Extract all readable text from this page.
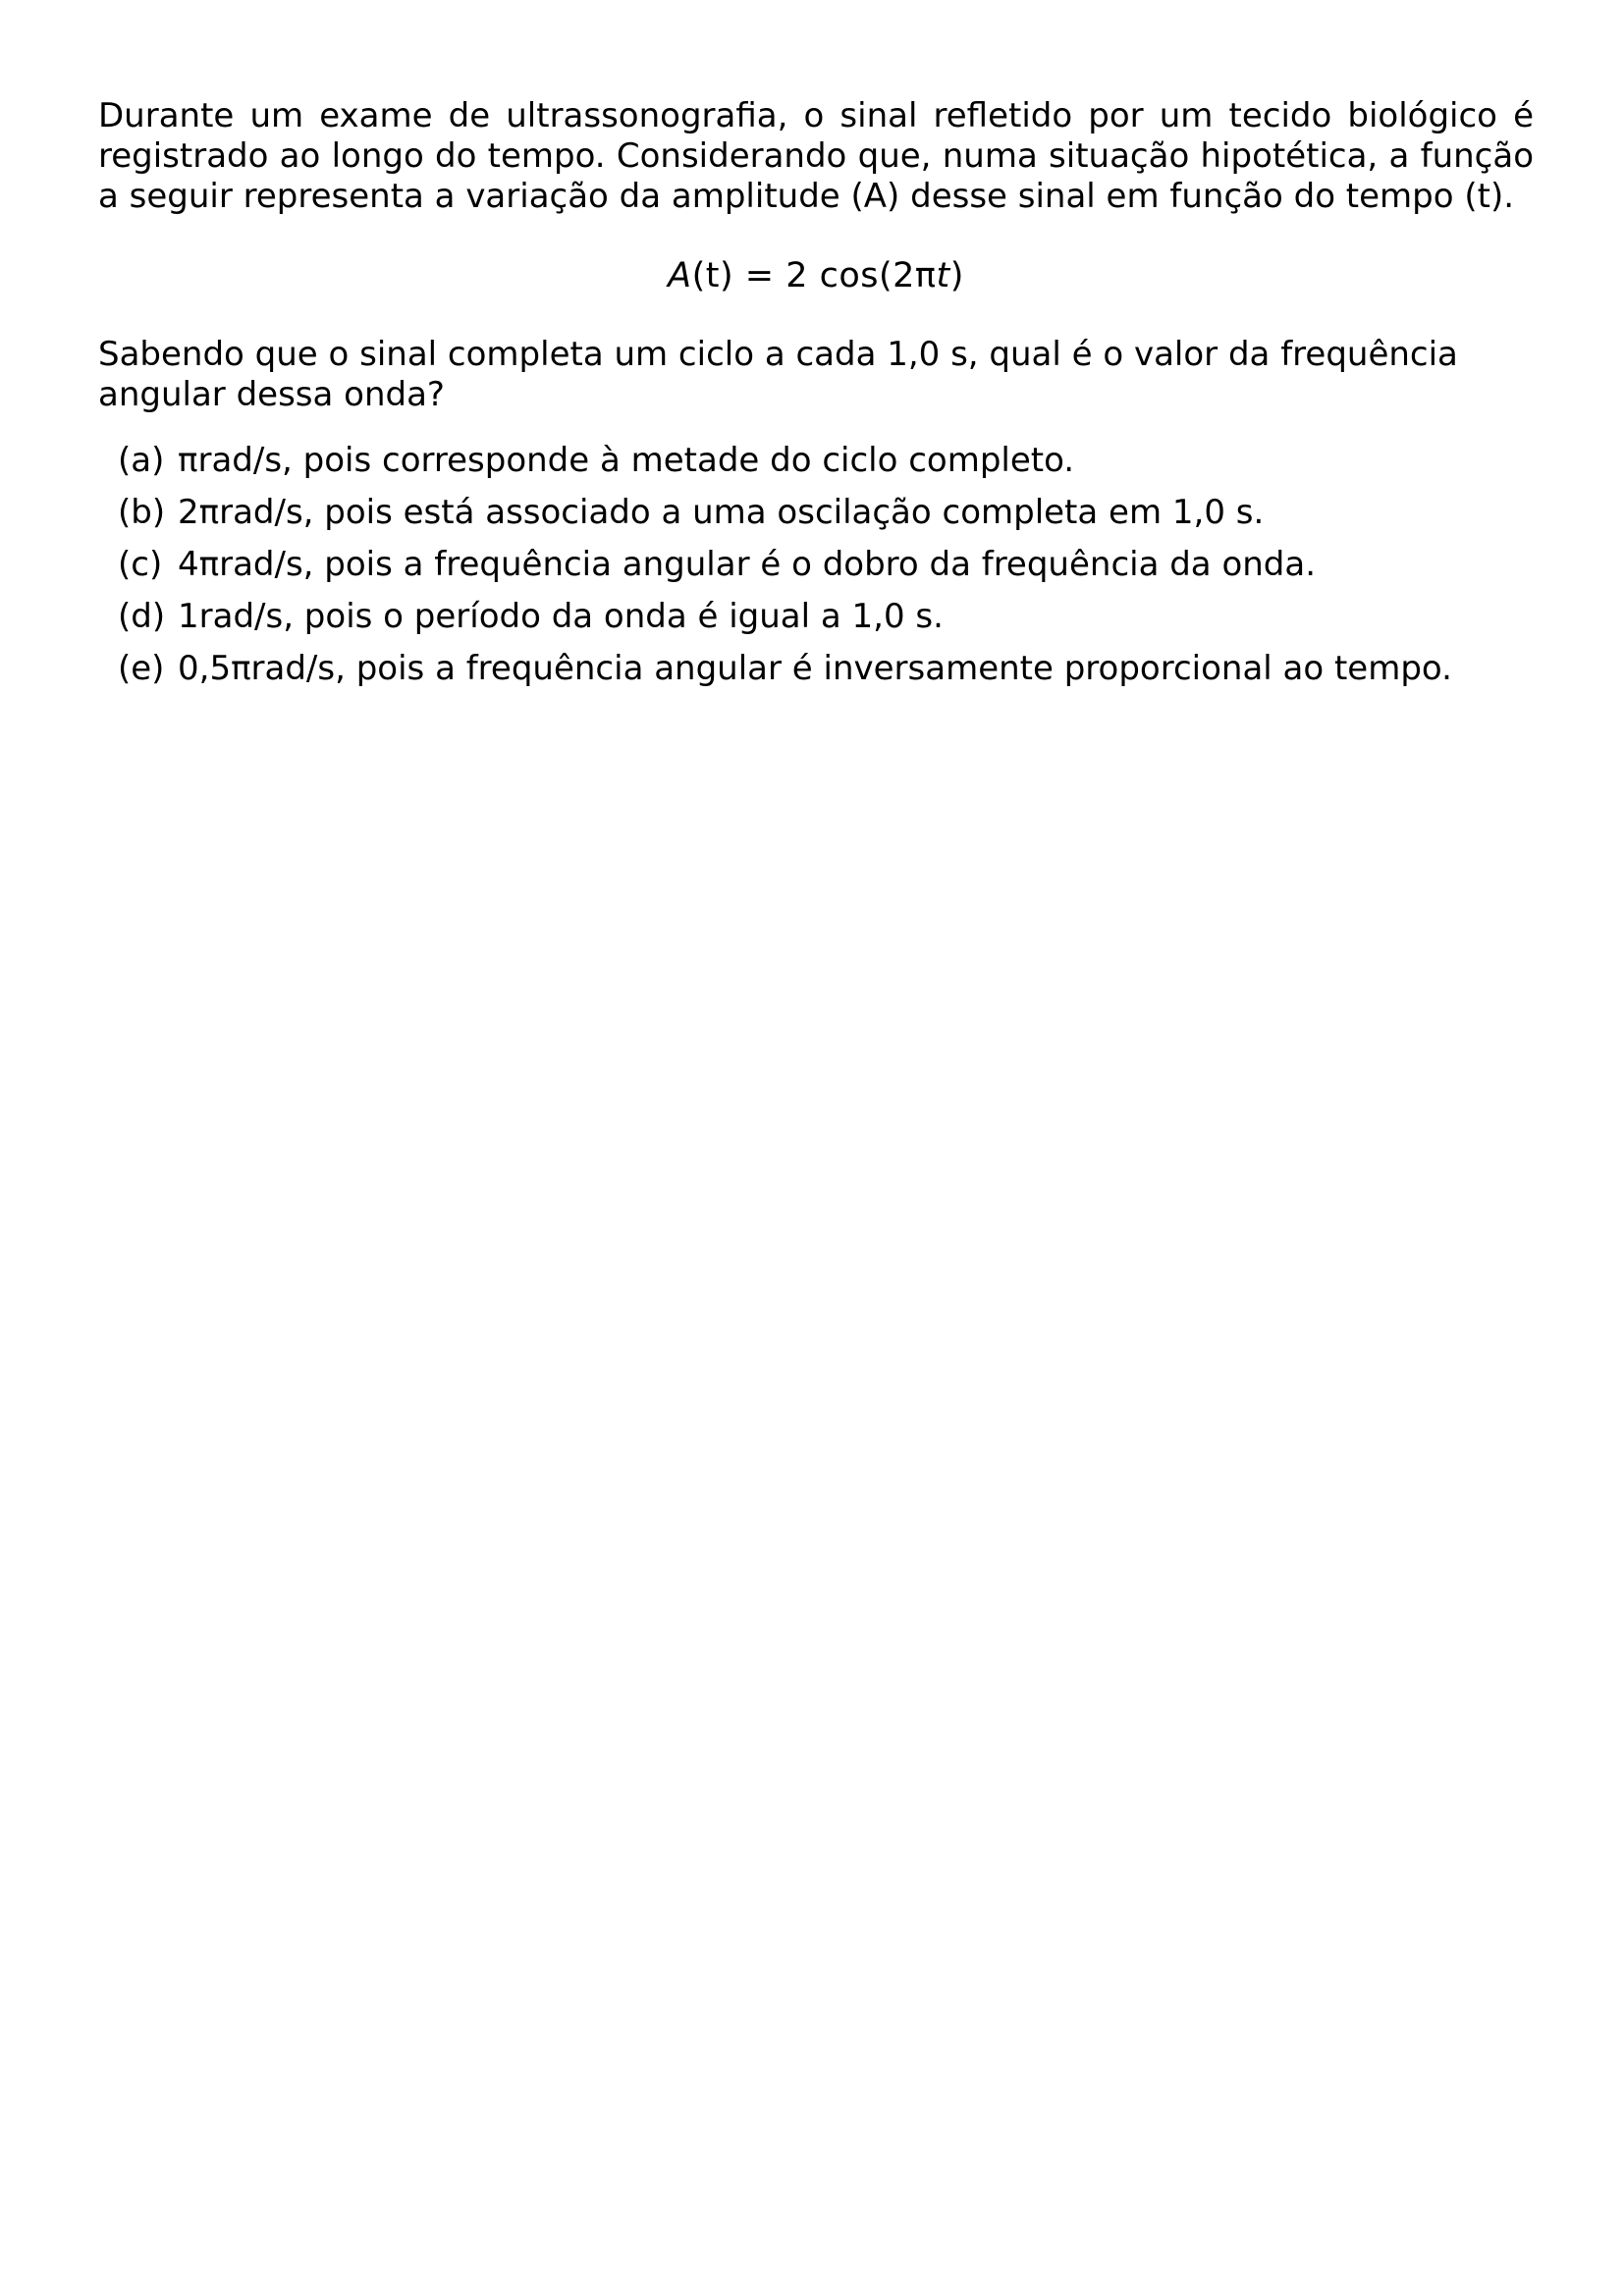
Durante um exame de ultrassonografia, o sinal refletido por um tecido biológico é registrado ao longo do tempo. Considerando que, numa situação hipotética, a função a seguir representa a variação da amplitude (A) desse sinal em função do tempo (t).

A(t) = 2 cos(2πt)

Sabendo que o sinal completa um ciclo a cada 1,0 s, qual é o valor da frequência angular dessa onda?

(a) πrad/s, pois corresponde à metade do ciclo completo.
(b) 2πrad/s, pois está associado a uma oscilação completa em 1,0 s.
(c) 4πrad/s, pois a frequência angular é o dobro da frequência da onda.
(d) 1rad/s, pois o período da onda é igual a 1,0 s.
(e) 0,5πrad/s, pois a frequência angular é inversamente proporcional ao tempo.
